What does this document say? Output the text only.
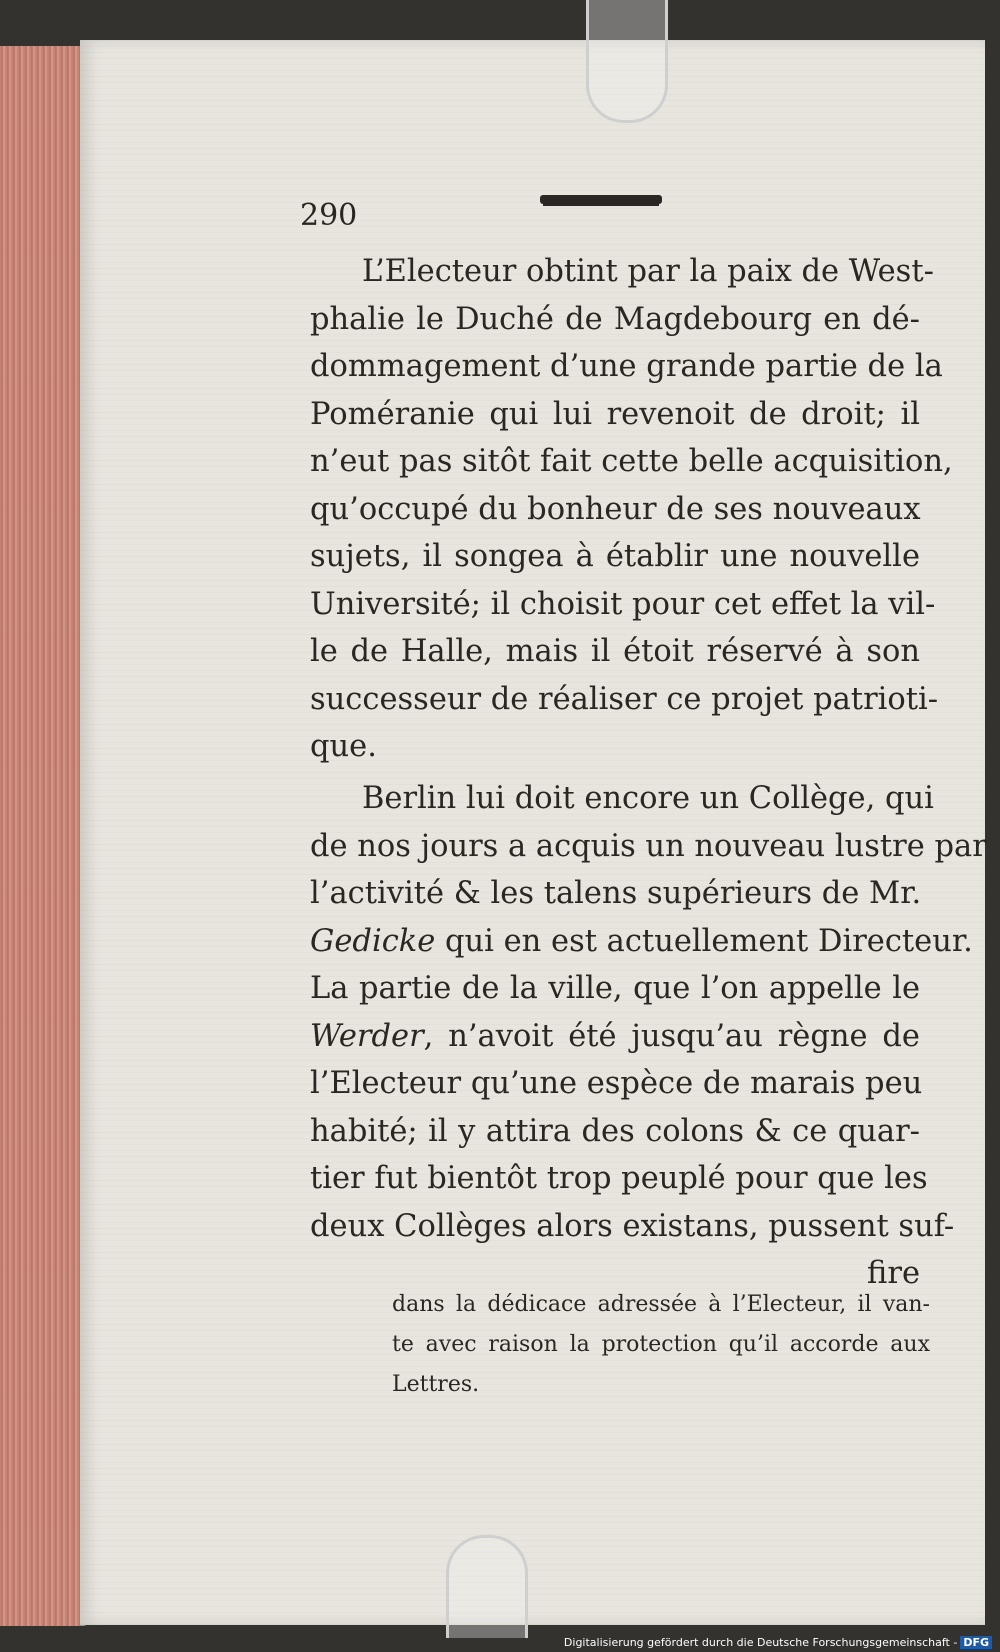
290

L’Electeur obtint par la paix de West-
phalie le Duché de Magdebourg en dé-
dommagement d’une grande partie de la
Poméranie qui lui revenoit de droit; il
n’eut pas sitôt fait cette belle acquisition,
qu’occupé du bonheur de ses nouveaux
sujets, il songea à établir une nouvelle
Université; il choisit pour cet effet la vil-
le de Halle, mais il étoit réservé à son
successeur de réaliser ce projet patrioti-
que.

Berlin lui doit encore un Collège, qui
de nos jours a acquis un nouveau lustre par
l’activité & les talens supérieurs de Mr.
Gedicke qui en est actuellement Directeur.
La partie de la ville, que l’on appelle le
Werder, n’avoit été jusqu’au règne de
l’Electeur qu’une espèce de marais peu
habité; il y attira des colons & ce quar-
tier fut bientôt trop peuplé pour que les
deux Collèges alors existans, pussent suf-
fire

dans la dédicace adressée à l’Electeur, il van-
te avec raison la protection qu’il accorde aux
Lettres.

Digitalisierung gefördert durch die Deutsche Forschungsgemeinschaft - DFG
